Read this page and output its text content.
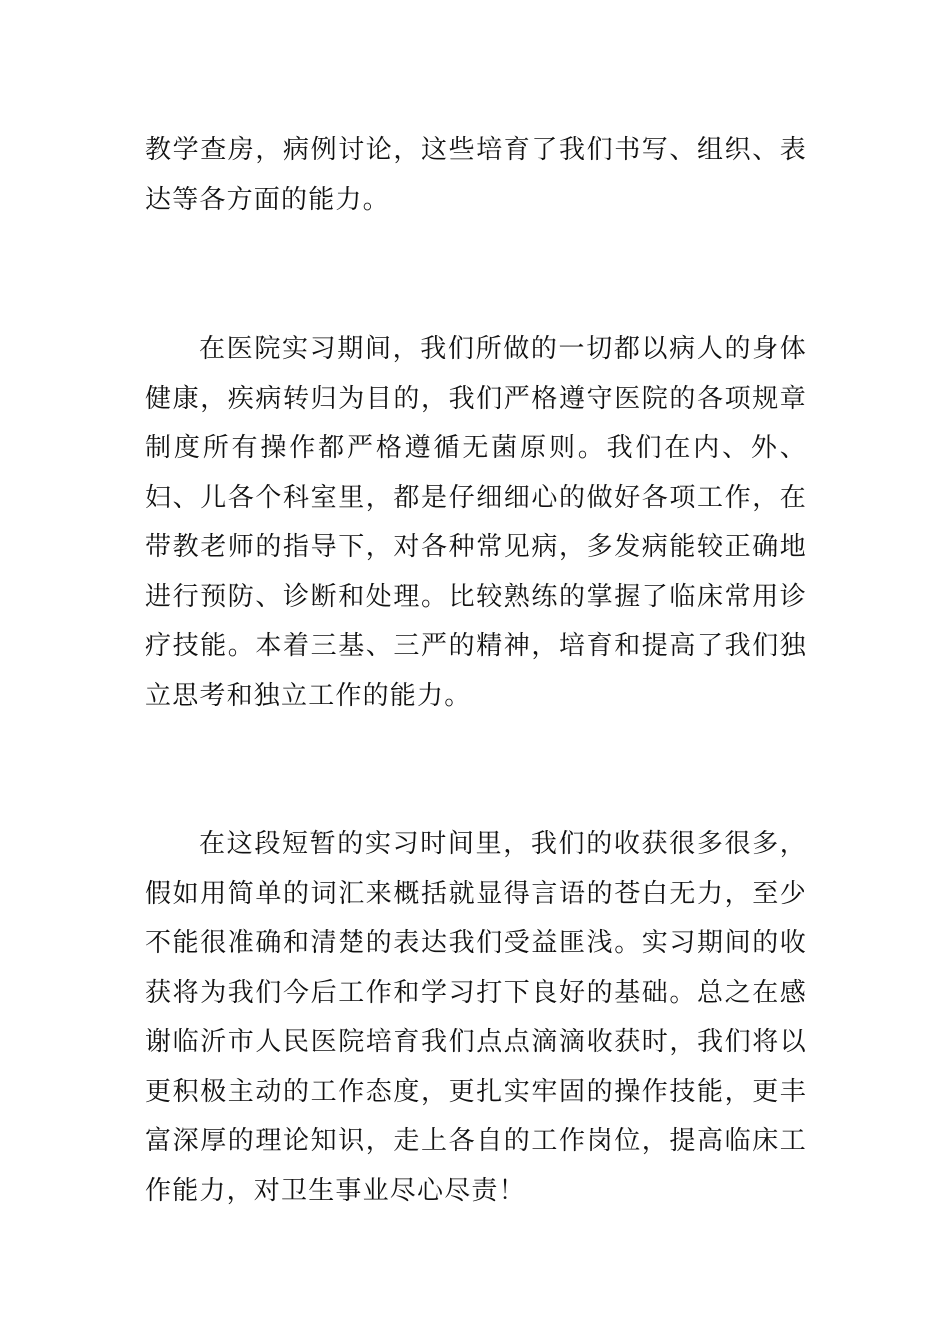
教学查房，病例讨论，这些培育了我们书写、组织、表达等各方面的能力。

在医院实习期间，我们所做的一切都以病人的身体健康，疾病转归为目的，我们严格遵守医院的各项规章制度所有操作都严格遵循无菌原则。我们在内、外、妇、儿各个科室里，都是仔细细心的做好各项工作，在带教老师的指导下，对各种常见病，多发病能较正确地进行预防、诊断和处理。比较熟练的掌握了临床常用诊疗技能。本着三基、三严的精神，培育和提高了我们独立思考和独立工作的能力。

在这段短暂的实习时间里，我们的收获很多很多，假如用简单的词汇来概括就显得言语的苍白无力，至少不能很准确和清楚的表达我们受益匪浅。实习期间的收获将为我们今后工作和学习打下良好的基础。总之在感谢临沂市人民医院培育我们点点滴滴收获时，我们将以更积极主动的工作态度，更扎实牢固的操作技能，更丰富深厚的理论知识，走上各自的工作岗位，提高临床工作能力，对卫生事业尽心尽责！
